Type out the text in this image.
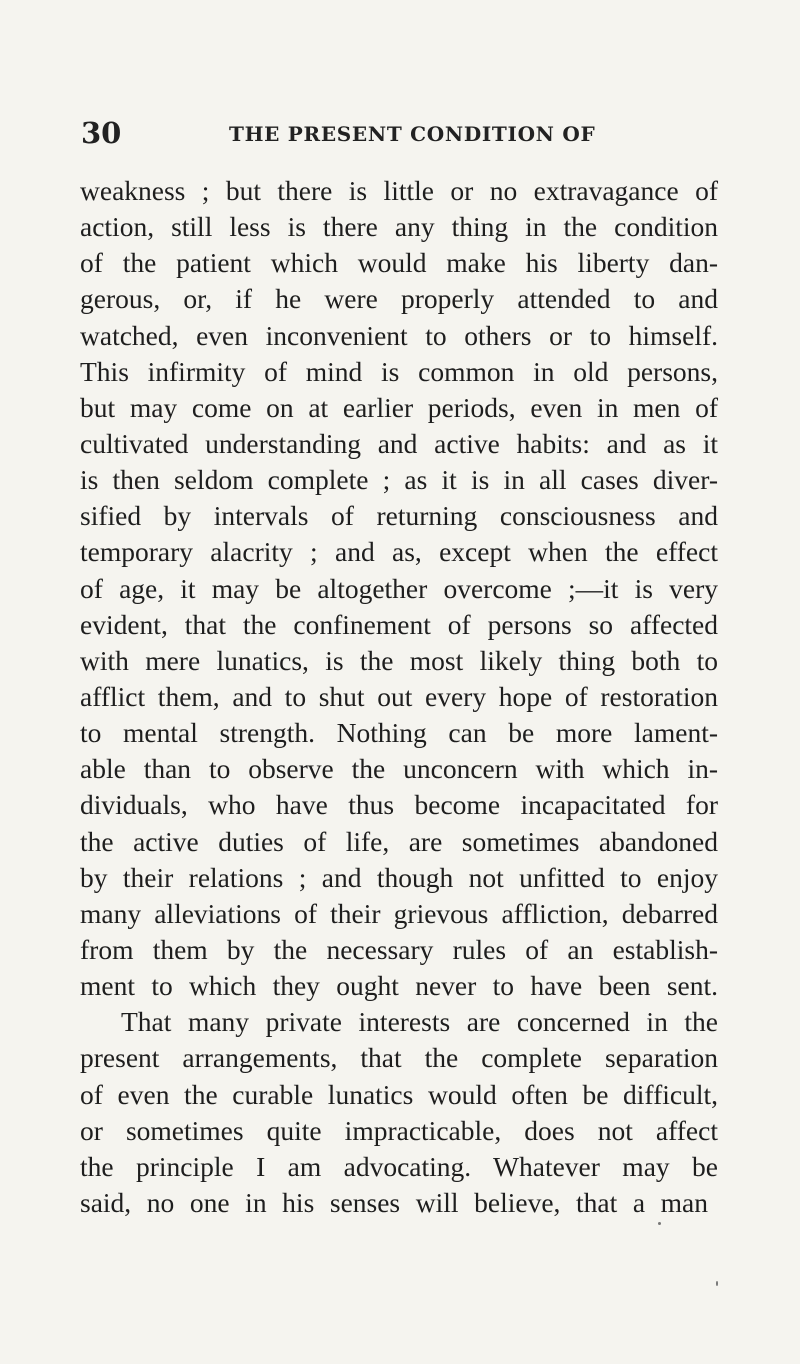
30	THE PRESENT CONDITION OF
weakness ; but there is little or no extravagance of
action, still less is there any thing in the condition
of the patient which would make his liberty dan-
gerous, or, if he were properly attended to and
watched, even inconvenient to others or to himself.
This infirmity of mind is common in old persons,
but may come on at earlier periods, even in men of
cultivated understanding and active habits: and as it
is then seldom complete ; as it is in all cases diver-
sified by intervals of returning consciousness and
temporary alacrity ; and as, except when the effect
of age, it may be altogether overcome ;—it is very
evident, that the confinement of persons so affected
with mere lunatics, is the most likely thing both to
afflict them, and to shut out every hope of restoration
to mental strength. Nothing can be more lament-
able than to observe the unconcern with which in-
dividuals, who have thus become incapacitated for
the active duties of life, are sometimes abandoned
by their relations ; and though not unfitted to enjoy
many alleviations of their grievous affliction, debarred
from them by the necessary rules of an establish-
ment to which they ought never to have been sent.
That many private interests are concerned in the
present arrangements, that the complete separation
of even the curable lunatics would often be difficult,
or sometimes quite impracticable, does not affect
the principle I am advocating. Whatever may be
said, no one in his senses will believe, that a man
